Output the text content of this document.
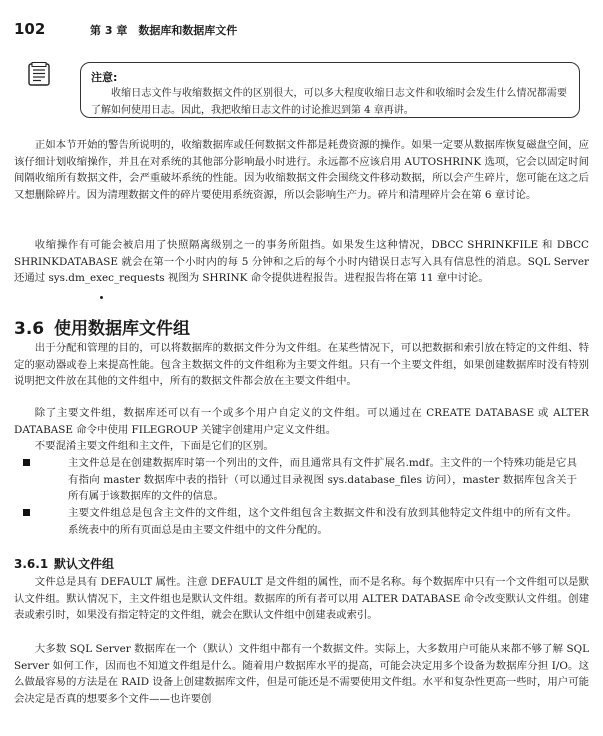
102	第 3 章　数据库和数据库文件
注意:
收缩日志文件与收缩数据文件的区别很大，可以多大程度收缩日志文件和收缩时会发生什么情况都需要了解如何使用日志。因此，我把收缩日志文件的讨论推迟到第 4 章再讲。
正如本节开始的警告所说明的，收缩数据库或任何数据文件都是耗费资源的操作。如果一定要从数据库恢复磁盘空间，应该仔细计划收缩操作，并且在对系统的其他部分影响最小时进行。永远都不应该启用 AUTOSHRINK 选项，它会以固定时间间隔收缩所有数据文件，会严重破坏系统的性能。因为收缩数据文件会围绕文件移动数据，所以会产生碎片，您可能在这之后又想删除碎片。因为清理数据文件的碎片要使用系统资源，所以会影响生产力。碎片和清理碎片会在第 6 章讨论。
收缩操作有可能会被启用了快照隔离级别之一的事务所阻挡。如果发生这种情况，DBCC SHRINKFILE 和 DBCC SHRINKDATABASE 就会在第一个小时内的每 5 分钟和之后的每个小时内错误日志写入具有信息性的消息。SQL Server 还通过 sys.dm_exec_requests 视图为 SHRINK 命令提供进程报告。进程报告将在第 11 章中讨论。
3.6 使用数据库文件组
出于分配和管理的目的，可以将数据库的数据文件分为文件组。在某些情况下，可以把数据和索引放在特定的文件组、特定的驱动器或卷上来提高性能。包含主数据文件的文件组称为主要文件组。只有一个主要文件组，如果创建数据库时没有特别说明把文件放在其他的文件组中，所有的数据文件都会放在主要文件组中。
除了主要文件组，数据库还可以有一个或多个用户自定义的文件组。可以通过在 CREATE DATABASE 或 ALTER DATABASE 命令中使用 FILEGROUP 关键字创建用户定义文件组。
不要混淆主要文件组和主文件，下面是它们的区别。
主文件总是在创建数据库时第一个列出的文件，而且通常具有文件扩展名.mdf。主文件的一个特殊功能是它具有指向 master 数据库中表的指针（可以通过目录视图 sys.database_files 访问），master 数据库包含关于所有属于该数据库的文件的信息。
主要文件组总是包含主文件的文件组，这个文件组包含主数据文件和没有放到其他特定文件组中的所有文件。系统表中的所有页面总是由主要文件组中的文件分配的。
3.6.1 默认文件组
文件总是具有 DEFAULT 属性。注意 DEFAULT 是文件组的属性，而不是名称。每个数据库中只有一个文件组可以是默认文件组。默认情况下，主文件组也是默认文件组。数据库的所有者可以用 ALTER DATABASE 命令改变默认文件组。创建表或索引时，如果没有指定特定的文件组，就会在默认文件组中创建表或索引。
大多数 SQL Server 数据库在一个（默认）文件组中都有一个数据文件。实际上，大多数用户可能从来都不够了解 SQL Server 如何工作，因而也不知道文件组是什么。随着用户数据库水平的提高，可能会决定用多个设备为数据库分担 I/O。这么做最容易的方法是在 RAID 设备上创建数据库文件，但是可能还是不需要使用文件组。水平和复杂性更高一些时，用户可能会决定是否真的想要多个文件——也许要创
